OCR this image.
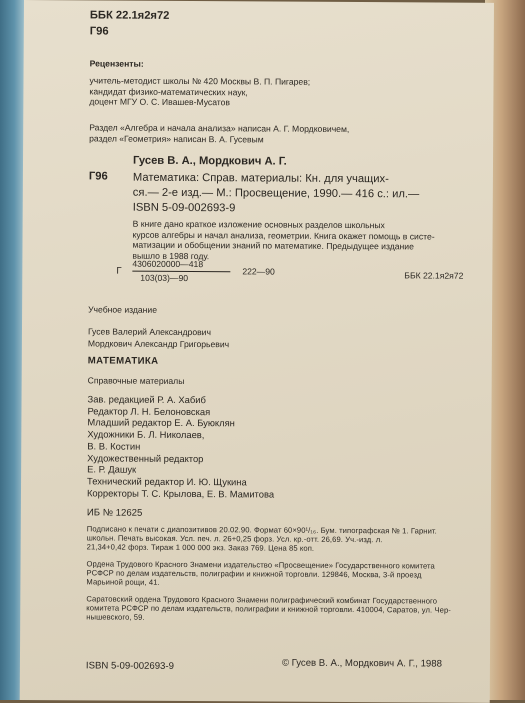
ББК 22.1я2я72
Г96
Рецензенты:
учитель-методист школы № 420 Москвы В. П. Пигарев;
кандидат физико-математических наук,
доцент МГУ О. С. Ивашев-Мусатов
Раздел «Алгебра и начала анализа» написан А. Г. Мордковичем,
раздел «Геометрия» написан В. А. Гусевым
Г96
Гусев В. А., Мордкович А. Г.
Математика: Справ. материалы: Кн. для учащих-
ся.— 2-е изд.— М.: Просвещение, 1990.— 416 с.: ил.—
ISBN 5-09-002693-9
В книге дано краткое изложение основных разделов школьных
курсов алгебры и начал анализа, геометрии. Книга окажет помощь в систе-
матизации и обобщении знаний по математике. Предыдущее издание
вышло в 1988 году.
Г
4306020000—418
103(03)—90
222—90	ББК 22.1я2я72
Учебное издание
Гусев Валерий Александрович
Мордкович Александр Григорьевич
МАТЕМАТИКА
Справочные материалы
Зав. редакцией Р. А. Хабиб
Редактор Л. Н. Белоновская
Младший редактор Е. А. Буюклян
Художники Б. Л. Николаев,
В. В. Костин
Художественный редактор
Е. Р. Дашук
Технический редактор И. Ю. Щукина
Корректоры Т. С. Крылова, Е. В. Мамитова
ИБ № 12625
Подписано к печати с диапозитивов 20.02.90. Формат 60×90¹/₁₆. Бум. типографская № 1. Гарнит.
школьн. Печать высокая. Усл. печ. л. 26+0,25 форз. Усл. кр.-отт. 26,69. Уч.-изд. л.
21,34+0,42 форз. Тираж 1 000 000 экз. Заказ 769. Цена 85 коп.
Ордена Трудового Красного Знамени издательство «Просвещение» Государственного комитета
РСФСР по делам издательств, полиграфии и книжной торговли. 129846, Москва, 3-й проезд
Марьиной рощи, 41.
Саратовский ордена Трудового Красного Знамени полиграфический комбинат Государственного
комитета РСФСР по делам издательств, полиграфии и книжной торговли. 410004, Саратов, ул. Чер-
нышевского, 59.
ISBN 5-09-002693-9	© Гусев В. А., Мордкович А. Г., 1988
